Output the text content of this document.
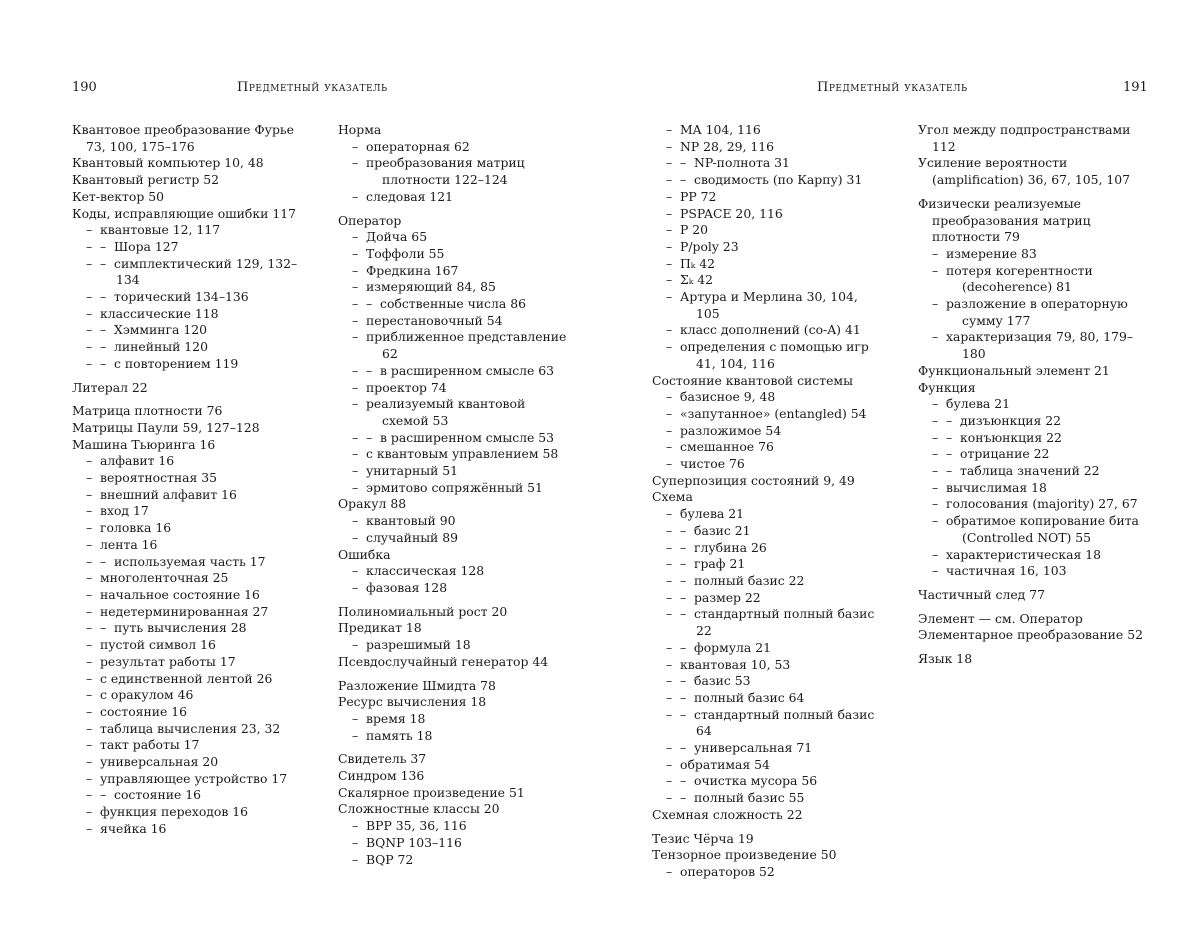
190	Предметный указатель
Квантовое преобразование Фурье 73, 100, 175–176
Квантовый компьютер 10, 48
Квантовый регистр 52
Кет-вектор 50
Коды, исправляющие ошибки 117
– квантовые 12, 117
– – Шора 127
– – симплектический 129, 132–134
– – торический 134–136
– классические 118
– – Хэмминга 120
– – линейный 120
– – с повторением 119
Литерал 22
Матрица плотности 76
Матрицы Паули 59, 127–128
Машина Тьюринга 16
– алфавит 16
– вероятностная 35
– внешний алфавит 16
– вход 17
– головка 16
– лента 16
– – используемая часть 17
– многоленточная 25
– начальное состояние 16
– недетерминированная 27
– – путь вычисления 28
– пустой символ 16
– результат работы 17
– с единственной лентой 26
– с оракулом 46
– состояние 16
– таблица вычисления 23, 32
– такт работы 17
– универсальная 20
– управляющее устройство 17
– – состояние 16
– функция переходов 16
– ячейка 16
Норма
– операторная 62
– преобразования матриц плотности 122–124
– следовая 121
Оператор
– Дойча 65
– Тоффоли 55
– Фредкина 167
– измеряющий 84, 85
– – собственные числа 86
– перестановочный 54
– приближенное представление 62
– – в расширенном смысле 63
– проектор 74
– реализуемый квантовой схемой 53
– – в расширенном смысле 53
– с квантовым управлением 58
– унитарный 51
– эрмитово сопряжённый 51
Оракул 88
– квантовый 90
– случайный 89
Ошибка
– классическая 128
– фазовая 128
Полиномиальный рост 20
Предикат 18
– разрешимый 18
Псевдослучайный генератор 44
Разложение Шмидта 78
Ресурс вычисления 18
– время 18
– память 18
Свидетель 37
Синдром 136
Скалярное произведение 51
Сложностные классы 20
– BPP 35, 36, 116
– BQNP 103–116
– BQP 72
Предметный указатель	191
– MA 104, 116
– NP 28, 29, 116
– – NP-полнота 31
– – сводимость (по Карпу) 31
– PP 72
– PSPACE 20, 116
– P 20
– P/poly 23
– Πₖ 42
– Σₖ 42
– Артура и Мерлина 30, 104, 105
– класс дополнений (co-A) 41
– определения с помощью игр 41, 104, 116
Состояние квантовой системы
– базисное 9, 48
– «запутанное» (entangled) 54
– разложимое 54
– смешанное 76
– чистое 76
Суперпозиция состояний 9, 49
Схема
– булева 21
– – базис 21
– – глубина 26
– – граф 21
– – полный базис 22
– – размер 22
– – стандартный полный базис 22
– – формула 21
– квантовая 10, 53
– – базис 53
– – полный базис 64
– – стандартный полный базис 64
– – универсальная 71
– обратимая 54
– – очистка мусора 56
– – полный базис 55
Схемная сложность 22
Тезис Чёрча 19
Тензорное произведение 50
– операторов 52
Угол между подпространствами 112
Усиление вероятности (amplification) 36, 67, 105, 107
Физически реализуемые преобразования матриц плотности 79
– измерение 83
– потеря когерентности (decoherence) 81
– разложение в операторную сумму 177
– характеризация 79, 80, 179–180
Функциональный элемент 21
Функция
– булева 21
– – дизъюнкция 22
– – конъюнкция 22
– – отрицание 22
– – таблица значений 22
– вычислимая 18
– голосования (majority) 27, 67
– обратимое копирование бита (Controlled NOT) 55
– характеристическая 18
– частичная 16, 103
Частичный след 77
Элемент — см. Оператор
Элементарное преобразование 52
Язык 18
